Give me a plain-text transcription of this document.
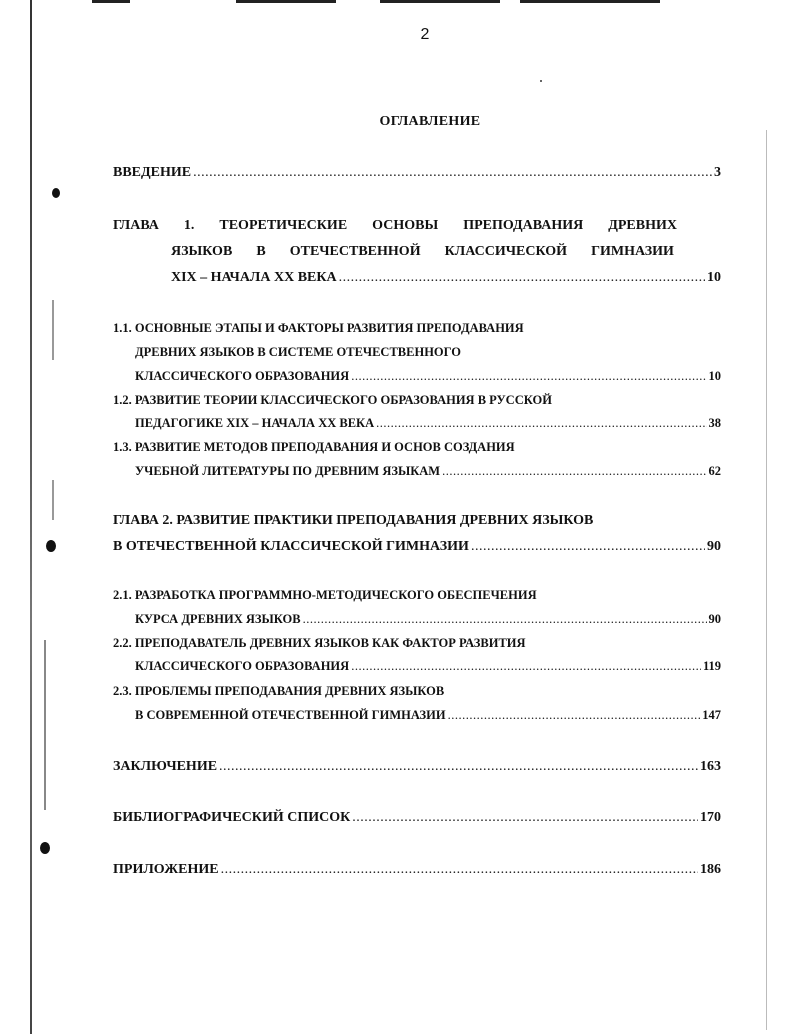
2
ОГЛАВЛЕНИЕ
ВВЕДЕНИЕ .....	3
ГЛАВА 1. ТЕОРЕТИЧЕСКИЕ ОСНОВЫ ПРЕПОДАВАНИЯ ДРЕВНИХ
ЯЗЫКОВ В ОТЕЧЕСТВЕННОЙ КЛАССИЧЕСКОЙ ГИМНАЗИИ
XIX – НАЧАЛА XX ВЕКА .....	10
1.1. ОСНОВНЫЕ ЭТАПЫ И ФАКТОРЫ РАЗВИТИЯ ПРЕПОДАВАНИЯ
ДРЕВНИХ ЯЗЫКОВ В СИСТЕМЕ ОТЕЧЕСТВЕННОГО
КЛАССИЧЕСКОГО ОБРАЗОВАНИЯ .....	10
1.2. РАЗВИТИЕ ТЕОРИИ КЛАССИЧЕСКОГО ОБРАЗОВАНИЯ В РУССКОЙ
ПЕДАГОГИКЕ XIX – НАЧАЛА XX ВЕКА .....	38
1.3. РАЗВИТИЕ МЕТОДОВ ПРЕПОДАВАНИЯ И ОСНОВ СОЗДАНИЯ
УЧЕБНОЙ ЛИТЕРАТУРЫ ПО ДРЕВНИМ ЯЗЫКАМ .....	62
ГЛАВА 2. РАЗВИТИЕ ПРАКТИКИ ПРЕПОДАВАНИЯ ДРЕВНИХ ЯЗЫКОВ
В ОТЕЧЕСТВЕННОЙ КЛАССИЧЕСКОЙ ГИМНАЗИИ .....	90
2.1. РАЗРАБОТКА ПРОГРАММНО-МЕТОДИЧЕСКОГО ОБЕСПЕЧЕНИЯ
КУРСА ДРЕВНИХ ЯЗЫКОВ .....	90
2.2. ПРЕПОДАВАТЕЛЬ ДРЕВНИХ ЯЗЫКОВ КАК ФАКТОР РАЗВИТИЯ
КЛАССИЧЕСКОГО ОБРАЗОВАНИЯ .....	119
2.3. ПРОБЛЕМЫ ПРЕПОДАВАНИЯ ДРЕВНИХ ЯЗЫКОВ
В СОВРЕМЕННОЙ ОТЕЧЕСТВЕННОЙ ГИМНАЗИИ .....	147
ЗАКЛЮЧЕНИЕ .....	163
БИБЛИОГРАФИЧЕСКИЙ СПИСОК .....	170
ПРИЛОЖЕНИЕ .....	186
